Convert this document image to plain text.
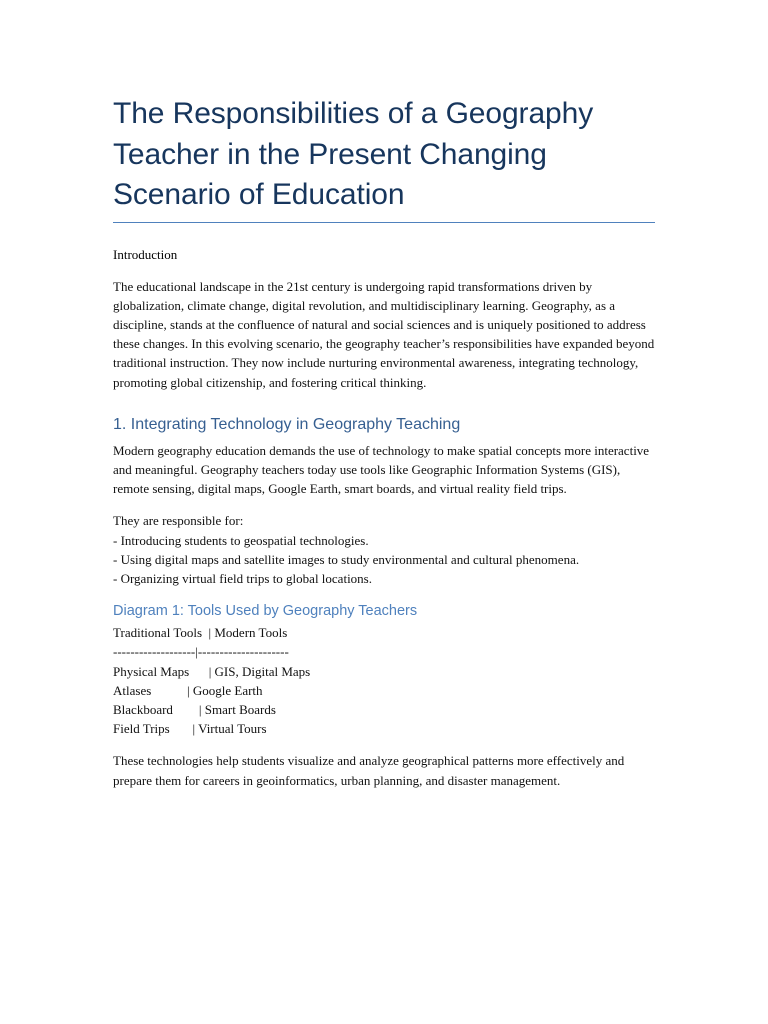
The Responsibilities of a Geography Teacher in the Present Changing Scenario of Education

Introduction

The educational landscape in the 21st century is undergoing rapid transformations driven by globalization, climate change, digital revolution, and multidisciplinary learning. Geography, as a discipline, stands at the confluence of natural and social sciences and is uniquely positioned to address these changes. In this evolving scenario, the geography teacher’s responsibilities have expanded beyond traditional instruction. They now include nurturing environmental awareness, integrating technology, promoting global citizenship, and fostering critical thinking.

1. Integrating Technology in Geography Teaching

Modern geography education demands the use of technology to make spatial concepts more interactive and meaningful. Geography teachers today use tools like Geographic Information Systems (GIS), remote sensing, digital maps, Google Earth, smart boards, and virtual reality field trips.

They are responsible for:

- Introducing students to geospatial technologies.

- Using digital maps and satellite images to study environmental and cultural phenomena.

- Organizing virtual field trips to global locations.

Diagram 1: Tools Used by Geography Teachers
Traditional Tools  | Modern Tools
-------------------|---------------------
Physical Maps      | GIS, Digital Maps
Atlases           | Google Earth
Blackboard        | Smart Boards
Field Trips       | Virtual Tours

These technologies help students visualize and analyze geographical patterns more effectively and prepare them for careers in geoinformatics, urban planning, and disaster management.
